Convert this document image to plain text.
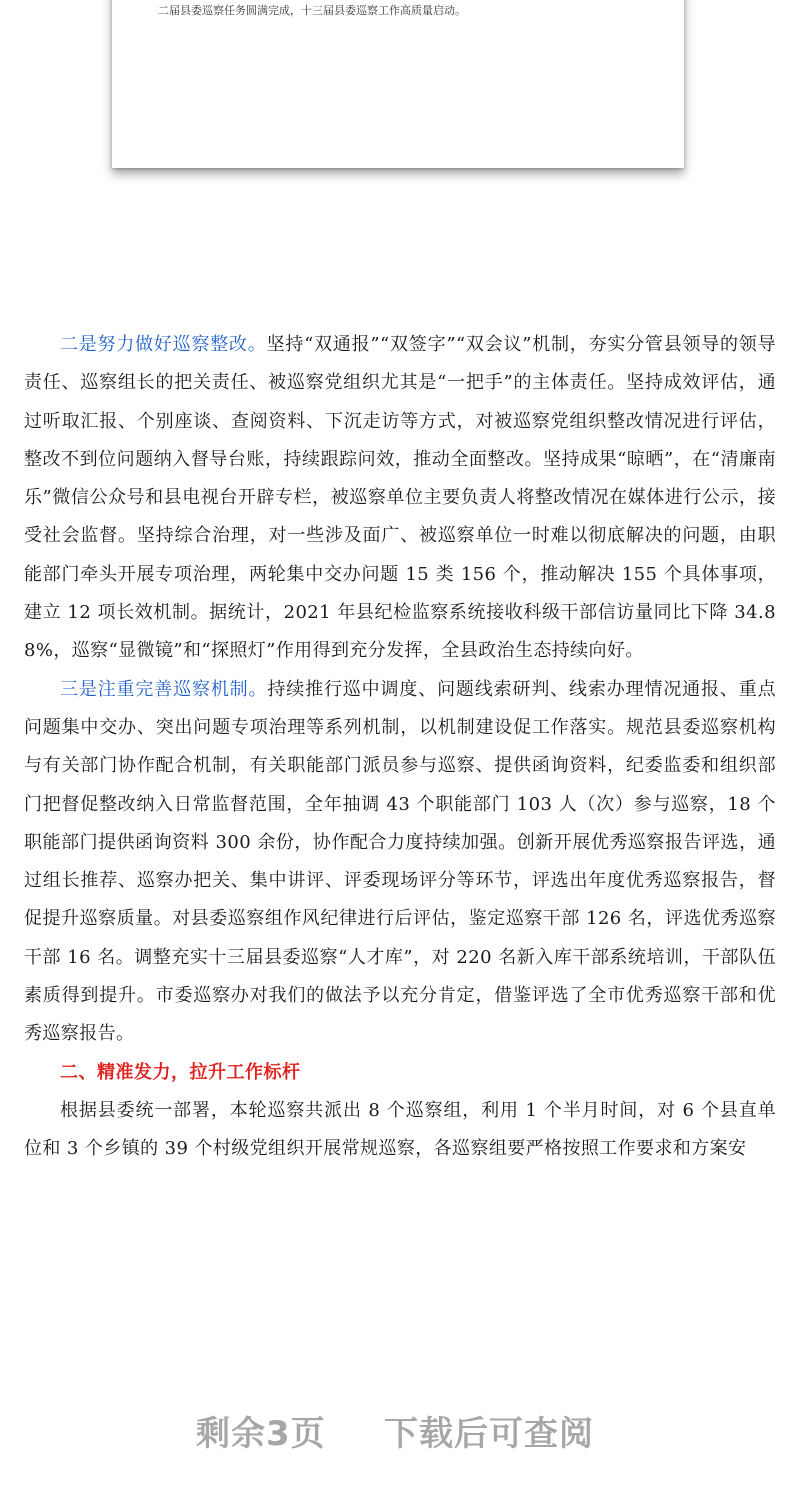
二届县委巡察任务圆满完成，十三届县委巡察工作高质量启动。

二是努力做好巡察整改。坚持“双通报”“双签字”“双会议”机制，夯实分管县领导的领导责任、巡察组长的把关责任、被巡察党组织尤其是“一把手”的主体责任。坚持成效评估，通过听取汇报、个别座谈、查阅资料、下沉走访等方式，对被巡察党组织整改情况进行评估，整改不到位问题纳入督导台账，持续跟踪问效，推动全面整改。坚持成果“晾晒”，在“清廉南乐”微信公众号和县电视台开辟专栏，被巡察单位主要负责人将整改情况在媒体进行公示，接受社会监督。坚持综合治理，对一些涉及面广、被巡察单位一时难以彻底解决的问题，由职能部门牵头开展专项治理，两轮集中交办问题 15 类 156 个，推动解决 155 个具体事项，建立 12 项长效机制。据统计，2021 年县纪检监察系统接收科级干部信访量同比下降 34.88%，巡察“显微镜”和“探照灯”作用得到充分发挥，全县政治生态持续向好。

三是注重完善巡察机制。持续推行巡中调度、问题线索研判、线索办理情况通报、重点问题集中交办、突出问题专项治理等系列机制，以机制建设促工作落实。规范县委巡察机构与有关部门协作配合机制，有关职能部门派员参与巡察、提供函询资料，纪委监委和组织部门把督促整改纳入日常监督范围，全年抽调 43 个职能部门 103 人（次）参与巡察，18 个职能部门提供函询资料 300 余份，协作配合力度持续加强。创新开展优秀巡察报告评选，通过组长推荐、巡察办把关、集中讲评、评委现场评分等环节，评选出年度优秀巡察报告，督促提升巡察质量。对县委巡察组作风纪律进行后评估，鉴定巡察干部 126 名，评选优秀巡察干部 16 名。调整充实十三届县委巡察“人才库”，对 220 名新入库干部系统培训，干部队伍素质得到提升。市委巡察办对我们的做法予以充分肯定，借鉴评选了全市优秀巡察干部和优秀巡察报告。

二、精准发力，拉升工作标杆

根据县委统一部署，本轮巡察共派出 8 个巡察组，利用 1 个半月时间，对 6 个县直单位和 3 个乡镇的 39 个村级党组织开展常规巡察，各巡察组要严格按照工作要求和方案安

剩余3页 下载后可查阅
